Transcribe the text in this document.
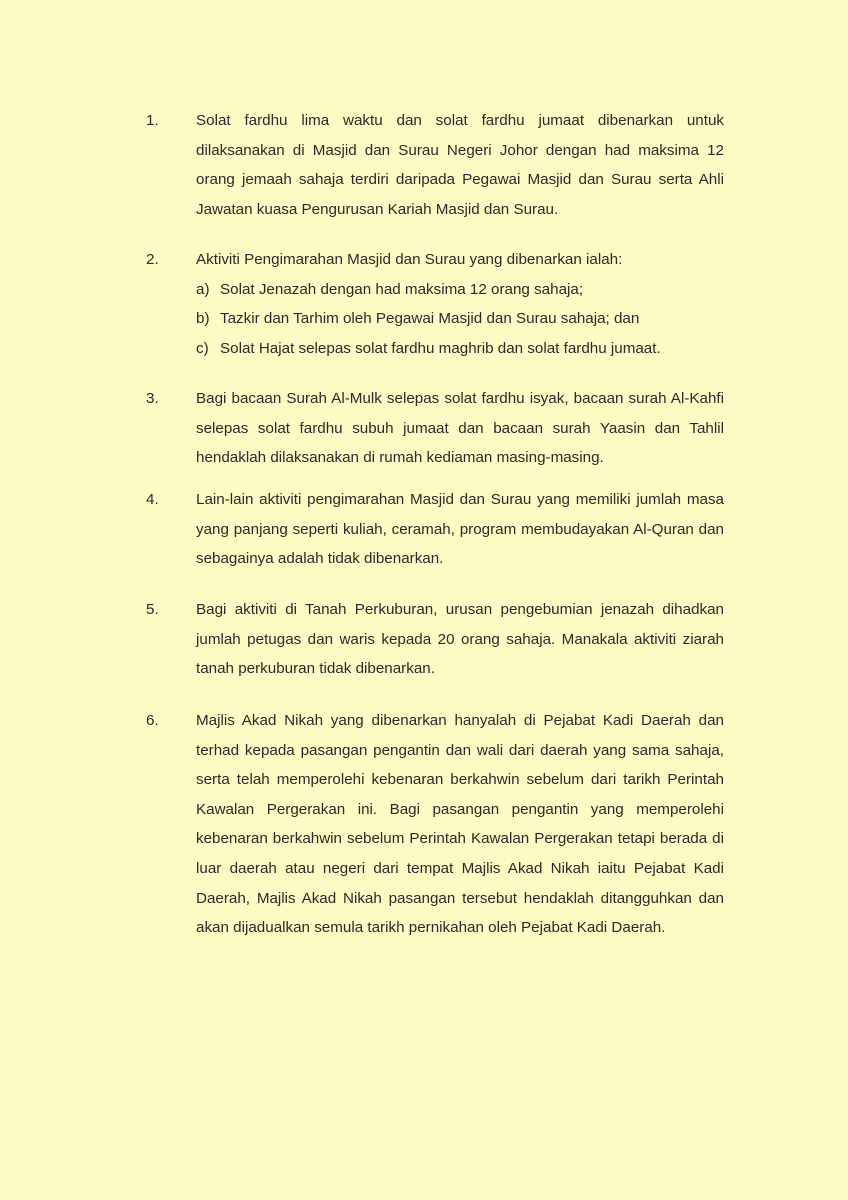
1.	Solat fardhu lima waktu dan solat fardhu jumaat dibenarkan untuk dilaksanakan di Masjid dan Surau Negeri Johor dengan had maksima 12 orang jemaah sahaja terdiri daripada Pegawai Masjid dan Surau serta Ahli Jawatan kuasa Pengurusan Kariah Masjid dan Surau.
2.	Aktiviti Pengimarahan Masjid dan Surau yang dibenarkan ialah:
a) Solat Jenazah dengan had maksima 12 orang sahaja;
b) Tazkir dan Tarhim oleh Pegawai Masjid dan Surau sahaja; dan
c) Solat Hajat selepas solat fardhu maghrib dan solat fardhu jumaat.
3.	Bagi bacaan Surah Al-Mulk selepas solat fardhu isyak, bacaan surah Al-Kahfi selepas solat fardhu subuh jumaat dan bacaan surah Yaasin dan Tahlil hendaklah dilaksanakan di rumah kediaman masing-masing.
4.	Lain-lain aktiviti pengimarahan Masjid dan Surau yang memiliki jumlah masa yang panjang seperti kuliah, ceramah, program membudayakan Al-Quran dan sebagainya adalah tidak dibenarkan.
5.	Bagi aktiviti di Tanah Perkuburan, urusan pengebumian jenazah dihadkan jumlah petugas dan waris kepada 20 orang sahaja. Manakala aktiviti ziarah tanah perkuburan tidak dibenarkan.
6.	Majlis Akad Nikah yang dibenarkan hanyalah di Pejabat Kadi Daerah dan terhad kepada pasangan pengantin dan wali dari daerah yang sama sahaja, serta telah memperolehi kebenaran berkahwin sebelum dari tarikh Perintah Kawalan Pergerakan ini. Bagi pasangan pengantin yang memperolehi kebenaran berkahwin sebelum Perintah Kawalan Pergerakan tetapi berada di luar daerah atau negeri dari tempat Majlis Akad Nikah iaitu Pejabat Kadi Daerah, Majlis Akad Nikah pasangan tersebut hendaklah ditangguhkan dan akan dijadualkan semula tarikh pernikahan oleh Pejabat Kadi Daerah.
